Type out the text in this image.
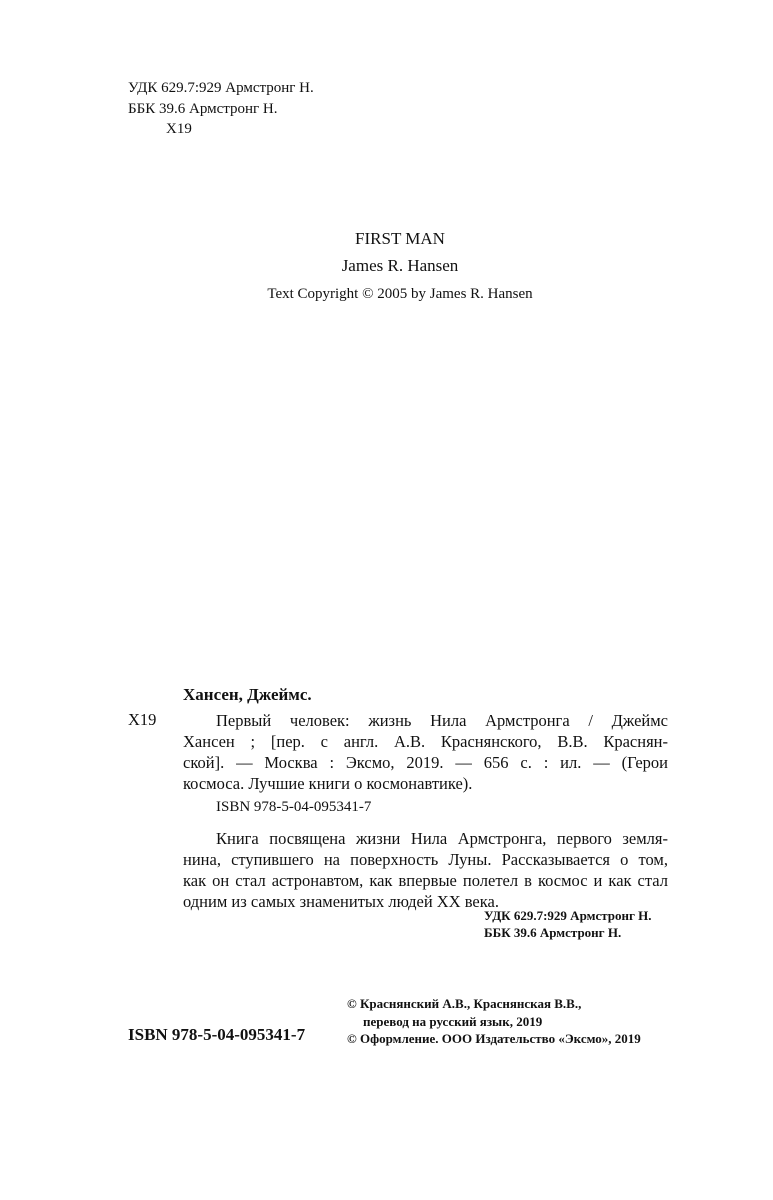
УДК 629.7:929 Армстронг Н.
ББК 39.6 Армстронг Н.
Х19
FIRST MAN
James R. Hansen
Text Copyright © 2005 by James R. Hansen
Хансен, Джеймс.
Х19	Первый человек: жизнь Нила Армстронга / Джеймс
Хансен ; [пер. с англ. А.В. Краснянского, В.В. Краснян-
ской]. — Москва : Эксмо, 2019. — 656 с. : ил. — (Герои
космоса. Лучшие книги о космонавтике).
ISBN 978-5-04-095341-7
Книга посвящена жизни Нила Армстронга, первого земля-
нина, ступившего на поверхность Луны. Рассказывается о том,
как он стал астронавтом, как впервые полетел в космос и как стал
одним из самых знаменитых людей XX века.
УДК 629.7:929 Армстронг Н.
ББК 39.6 Армстронг Н.
ISBN 978-5-04-095341-7
© Краснянский А.В., Краснянская В.В.,
перевод на русский язык, 2019
© Оформление. ООО Издательство «Эксмо», 2019
